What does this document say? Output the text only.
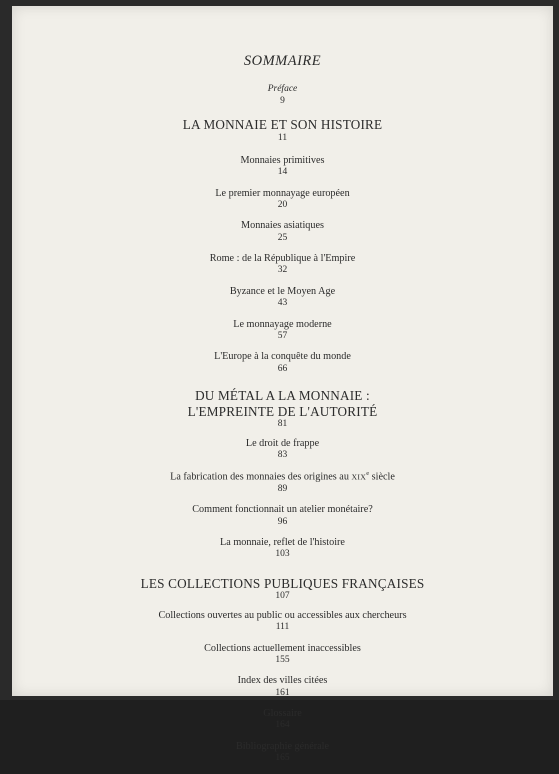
SOMMAIRE
Préface
9
LA MONNAIE ET SON HISTOIRE
11
Monnaies primitives
14
Le premier monnayage européen
20
Monnaies asiatiques
25
Rome : de la République à l'Empire
32
Byzance et le Moyen Age
43
Le monnayage moderne
57
L'Europe à la conquête du monde
66
DU MÉTAL A LA MONNAIE :
L'EMPREINTE DE L'AUTORITÉ
81
Le droit de frappe
83
La fabrication des monnaies des origines au XIXe siècle
89
Comment fonctionnait un atelier monétaire?
96
La monnaie, reflet de l'histoire
103
LES COLLECTIONS PUBLIQUES FRANÇAISES
107
Collections ouvertes au public ou accessibles aux chercheurs
111
Collections actuellement inaccessibles
155
Index des villes citées
161
Glossaire
164
Bibliographie générale
165
